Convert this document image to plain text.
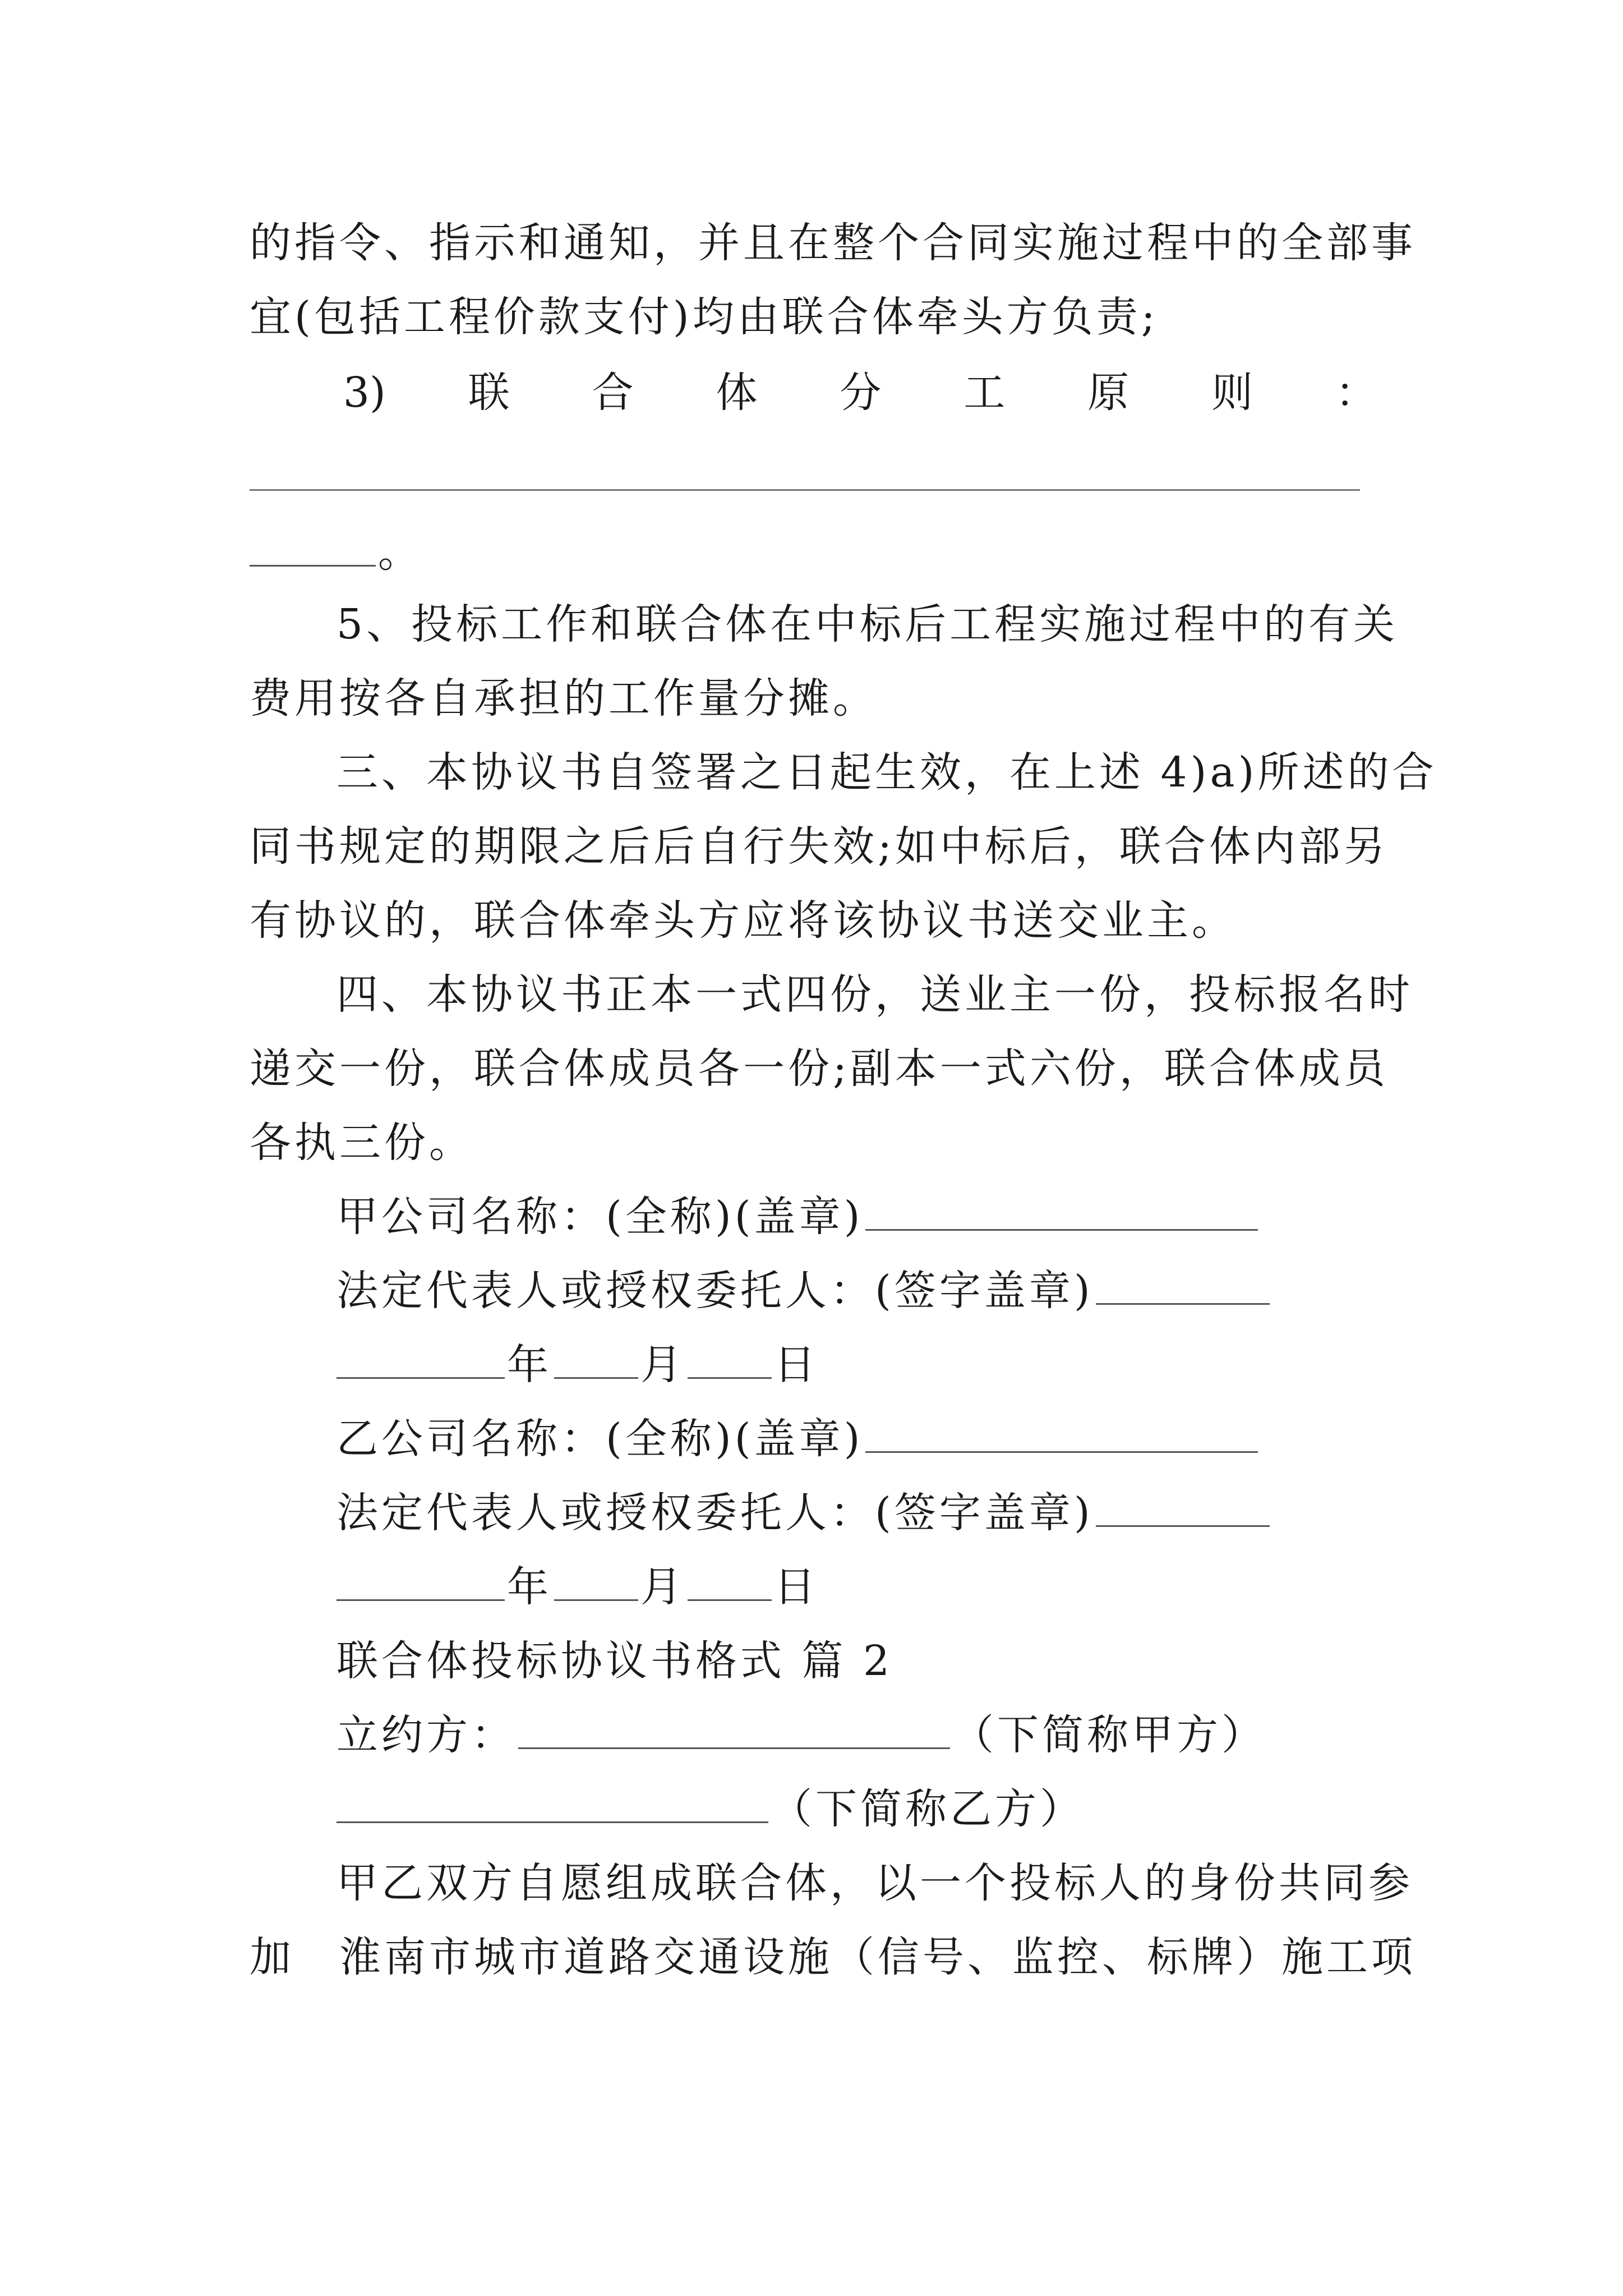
的指令、指示和通知，并且在整个合同实施过程中的全部事
宜(包括工程价款支付)均由联合体牵头方负责;
3) 联 合 体 分 工 原 则 ：
。
5、投标工作和联合体在中标后工程实施过程中的有关
费用按各自承担的工作量分摊。
三、本协议书自签署之日起生效，在上述 4)a)所述的合
同书规定的期限之后后自行失效;如中标后，联合体内部另
有协议的，联合体牵头方应将该协议书送交业主。
四、本协议书正本一式四份，送业主一份，投标报名时
递交一份，联合体成员各一份;副本一式六份，联合体成员
各执三份。
甲公司名称：(全称)(盖章)
法定代表人或授权委托人：(签字盖章)
年 月 日
乙公司名称：(全称)(盖章)
法定代表人或授权委托人：(签字盖章)
年 月 日
联合体投标协议书格式 篇 2
立约方：	（下简称甲方）
（下简称乙方）
甲乙双方自愿组成联合体，以一个投标人的身份共同参
加 淮南市城市道路交通设施（信号、监控、标牌）施工项
